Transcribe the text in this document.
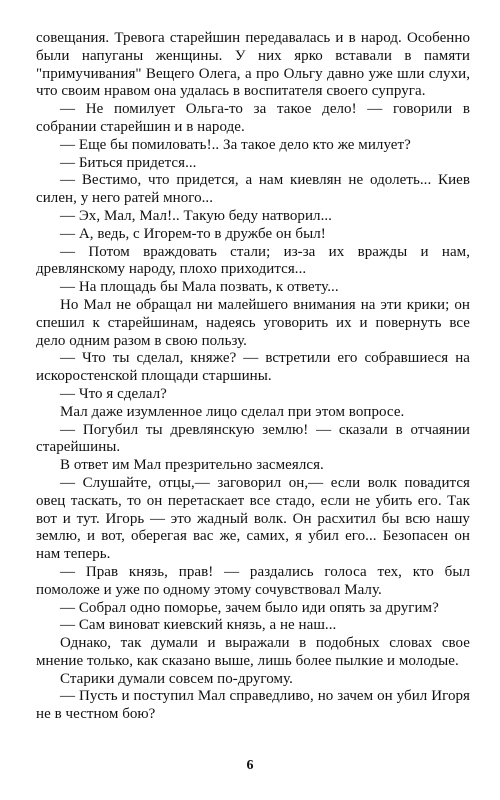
совещания. Тревога старейшин передавалась и в народ. Особенно были напуганы женщины. У них ярко вставали в памяти "примучивания" Вещего Олега, а про Ольгу давно уже шли слухи, что своим нравом она удалась в воспитателя своего супруга.

— Не помилует Ольга-то за такое дело! — говорили в собрании старейшин и в народе.

— Еще бы помиловать!.. За такое дело кто же милует?

— Биться придется...

— Вестимо, что придется, а нам киевлян не одолеть... Киев силен, у него ратей много...

— Эх, Мал, Мал!.. Такую беду натворил...

— А, ведь, с Игорем-то в дружбе он был!

— Потом враждовать стали; из-за их вражды и нам, древлянскому народу, плохо приходится...

— На площадь бы Мала позвать, к ответу...

Но Мал не обращал ни малейшего внимания на эти крики; он спешил к старейшинам, надеясь уговорить их и повернуть все дело одним разом в свою пользу.

— Что ты сделал, княже? — встретили его собравшиеся на искоростенской площади старшины.

— Что я сделал?

Мал даже изумленное лицо сделал при этом вопросе.

— Погубил ты древлянскую землю! — сказали в отчаянии старейшины.

В ответ им Мал презрительно засмеялся.

— Слушайте, отцы,— заговорил он,— если волк повадится овец таскать, то он перетаскает все стадо, если не убить его. Так вот и тут. Игорь — это жадный волк. Он расхитил бы всю нашу землю, и вот, оберегая вас же, самих, я убил его... Безопасен он нам теперь.

— Прав князь, прав! — раздались голоса тех, кто был помоложе и уже по одному этому сочувствовал Малу.

— Собрал одно поморье, зачем было иди опять за другим?

— Сам виноват киевский князь, а не наш...

Однако, так думали и выражали в подобных словах свое мнение только, как сказано выше, лишь более пылкие и молодые.

Старики думали совсем по-другому.

— Пусть и поступил Мал справедливо, но зачем он убил Игоря не в честном бою?

6
